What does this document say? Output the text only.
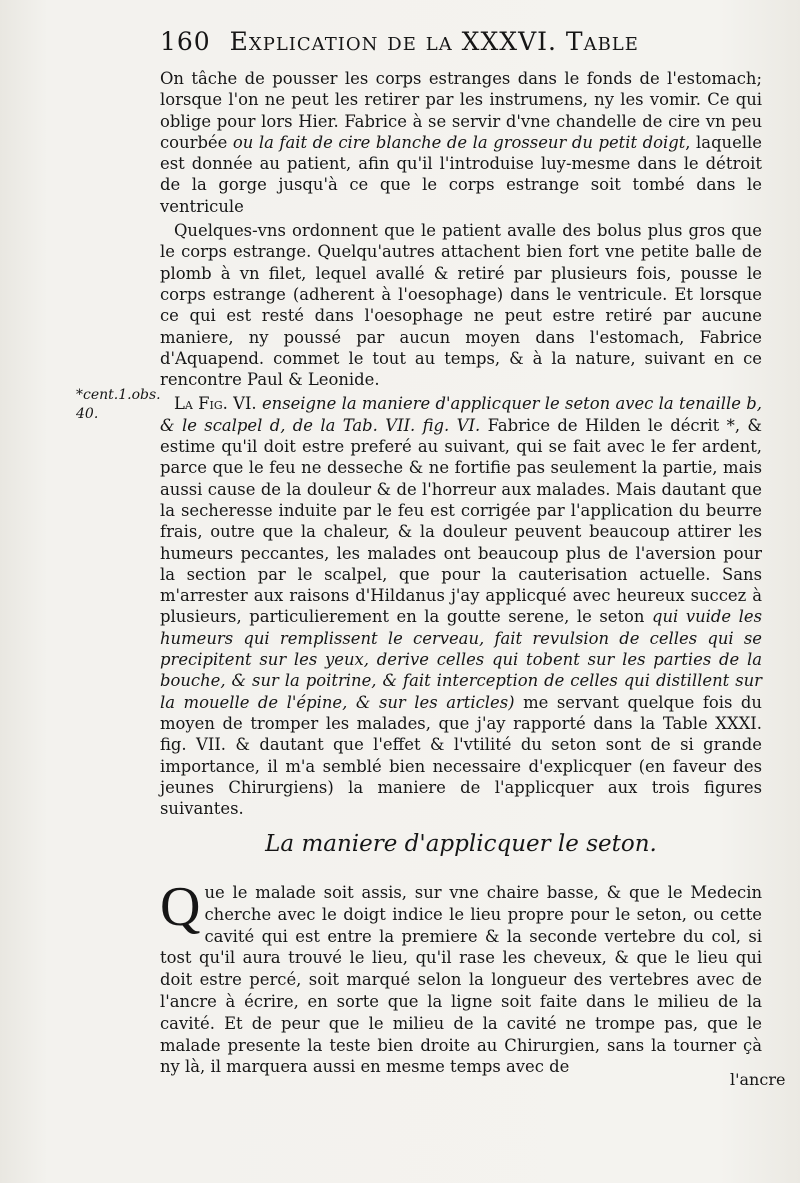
160 Explication de la XXXVI. Table
*cent.1.obs. 40.

On tâche de pousser les corps estranges dans le fonds de l'estomach; lorsque l'on ne peut les retirer par les instrumens, ny les vomir. Ce qui oblige pour lors Hier. Fabrice à se servir d'vne chandelle de cire vn peu courbée ou la fait de cire blanche de la grosseur du petit doigt, laquelle est donnée au patient, afin qu'il l'introduise luy-mesme dans le détroit de la gorge jusqu'à ce que le corps estrange soit tombé dans le ventricule

Quelques-vns ordonnent que le patient avalle des bolus plus gros que le corps estrange. Quelqu'autres attachent bien fort vne petite balle de plomb à vn filet, lequel avallé & retiré par plusieurs fois, pousse le corps estrange (adherent à l'oesophage) dans le ventricule. Et lorsque ce qui est resté dans l'oesophage ne peut estre retiré par aucune maniere, ny poussé par aucun moyen dans l'estomach, Fabrice d'Aquapend. commet le tout au temps, & à la nature, suivant en ce rencontre Paul & Leonide.

La Fig. VI. enseigne la maniere d'applicquer le seton avec la tenaille b, & le scalpel d, de la Tab. VII. fig. VI. Fabrice de Hilden le décrit *, & estime qu'il doit estre preferé au suivant, qui se fait avec le fer ardent, parce que le feu ne desseche & ne fortifie pas seulement la partie, mais aussi cause de la douleur & de l'horreur aux malades. Mais dautant que la secheresse induite par le feu est corrigée par l'application du beurre frais, outre que la chaleur, & la douleur peuvent beaucoup attirer les humeurs peccantes, les malades ont beaucoup plus de l'aversion pour la section par le scalpel, que pour la cauterisation actuelle. Sans m'arrester aux raisons d'Hildanus j'ay applicqué avec heureux succez à plusieurs, particulierement en la goutte serene, le seton qui vuide les humeurs qui remplissent le cerveau, fait revulsion de celles qui se precipitent sur les yeux, derive celles qui tobent sur les parties de la bouche, & sur la poitrine, & fait interception de celles qui distillent sur la mouelle de l'épine, & sur les articles) me servant quelque fois du moyen de tromper les malades, que j'ay rapporté dans la Table XXXI. fig. VII. & dautant que l'effet & l'vtilité du seton sont de si grande importance, il m'a semblé bien necessaire d'explicquer (en faveur des jeunes Chirurgiens) la maniere de l'applicquer aux trois figures suivantes.

La maniere d'applicquer le seton.
Q ue le malade soit assis, sur vne chaire basse, & que le Medecin cherche avec le doigt indice le lieu propre pour le seton, ou cette cavité qui est entre la premiere & la seconde vertebre du col, si tost qu'il aura trouvé le lieu, qu'il rase les cheveux, & que le lieu qui doit estre percé, soit marqué selon la longueur des vertebres avec de l'ancre à écrire, en sorte que la ligne soit faite dans le milieu de la cavité. Et de peur que le milieu de la cavité ne trompe pas, que le malade presente la teste bien droite au Chirurgien, sans la tourner çà ny là, il marquera aussi en mesme temps avec de
l'ancre
